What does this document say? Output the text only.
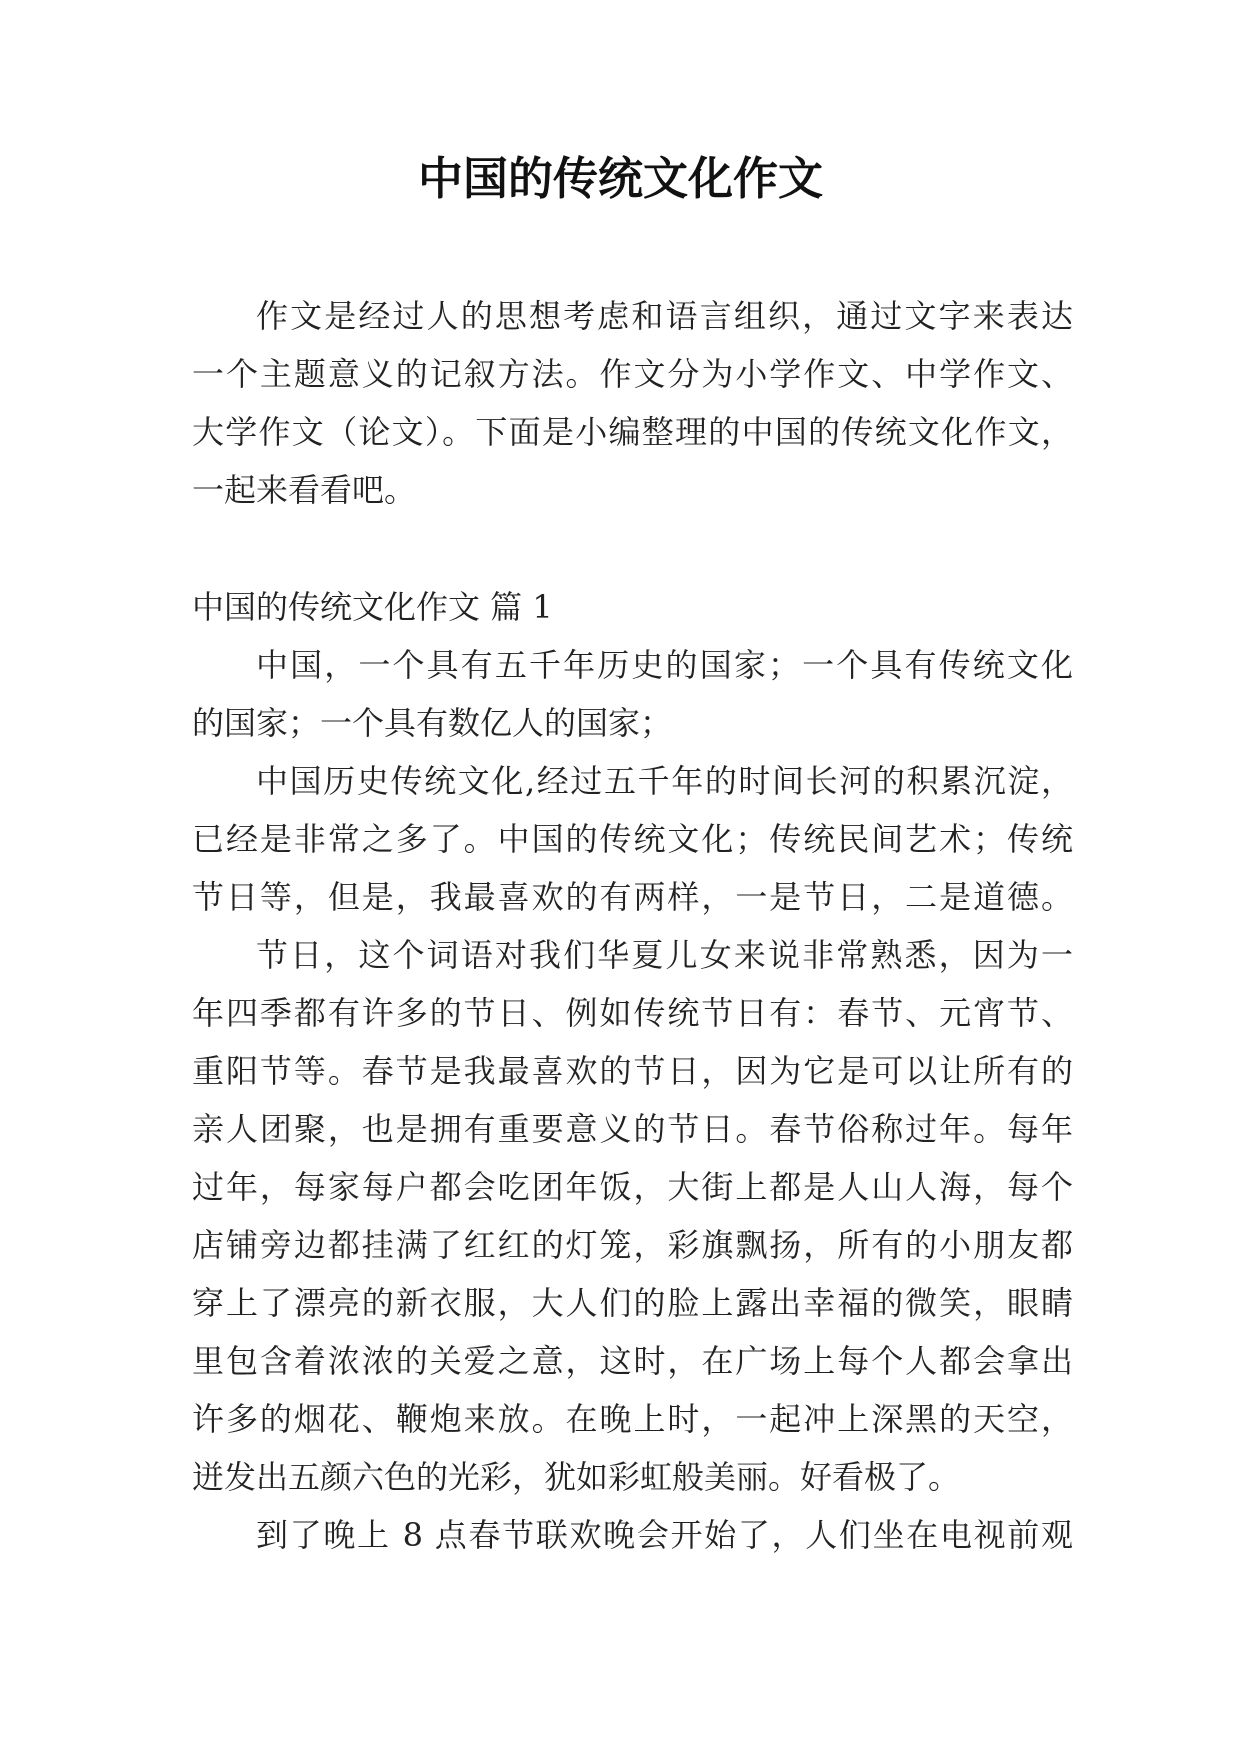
中国的传统文化作文
作文是经过人的思想考虑和语言组织，通过文字来表达
一个主题意义的记叙方法。作文分为小学作文、中学作文、
大学作文（论文）。下面是小编整理的中国的传统文化作文，
一起来看看吧。
中国的传统文化作文 篇 1
中国，一个具有五千年历史的国家；一个具有传统文化
的国家；一个具有数亿人的国家；
中国历史传统文化,经过五千年的时间长河的积累沉淀，
已经是非常之多了。中国的传统文化；传统民间艺术；传统
节日等，但是，我最喜欢的有两样，一是节日，二是道德。
节日，这个词语对我们华夏儿女来说非常熟悉，因为一
年四季都有许多的节日、例如传统节日有：春节、元宵节、
重阳节等。春节是我最喜欢的节日，因为它是可以让所有的
亲人团聚，也是拥有重要意义的节日。春节俗称过年。每年
过年，每家每户都会吃团年饭，大街上都是人山人海，每个
店铺旁边都挂满了红红的灯笼，彩旗飘扬，所有的小朋友都
穿上了漂亮的新衣服，大人们的脸上露出幸福的微笑，眼睛
里包含着浓浓的关爱之意，这时，在广场上每个人都会拿出
许多的烟花、鞭炮来放。在晚上时，一起冲上深黑的天空，
迸发出五颜六色的光彩，犹如彩虹般美丽。好看极了。
到了晚上 8 点春节联欢晚会开始了，人们坐在电视前观
